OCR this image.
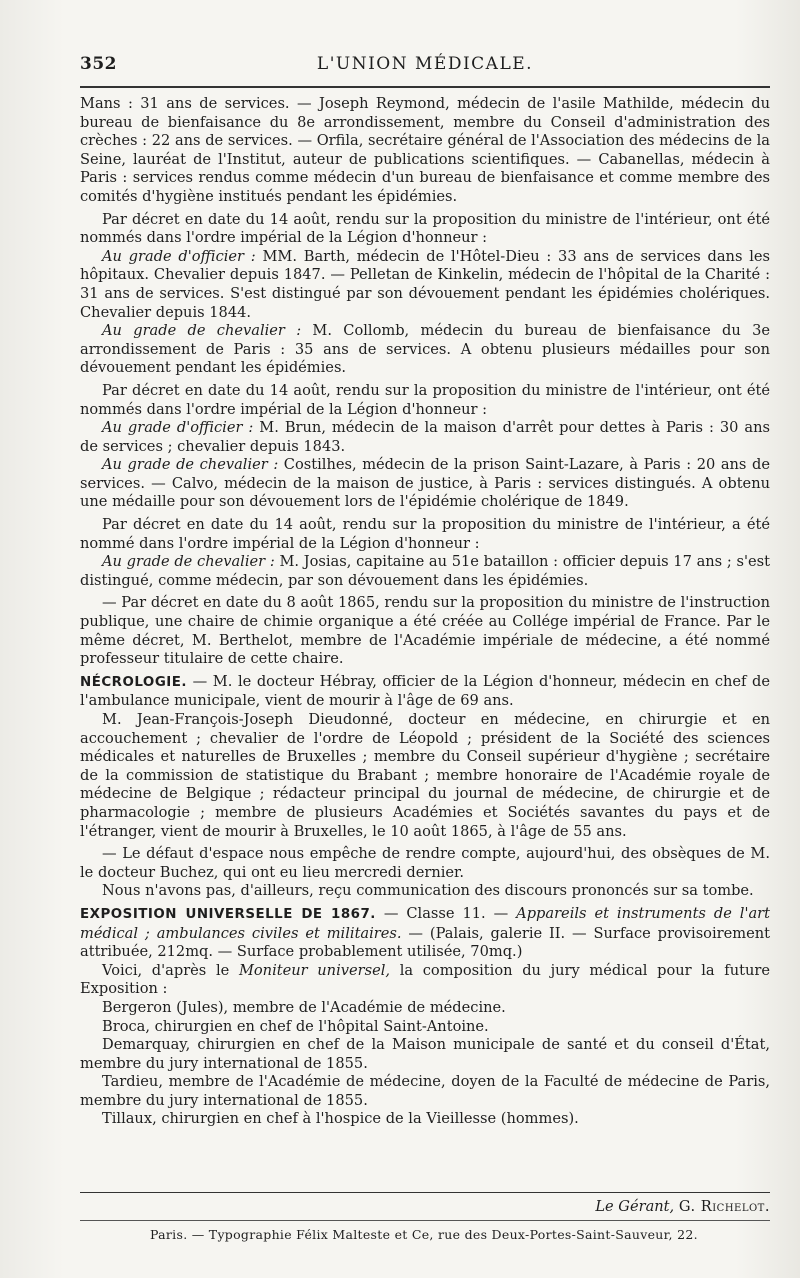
352	L'UNION MÉDICALE.

Mans : 31 ans de services. — Joseph Reymond, médecin de l'asile Mathilde, médecin du bureau de bienfaisance du 8e arrondissement, membre du Conseil d'administration des crèches : 22 ans de services. — Orfila, secrétaire général de l'Association des médecins de la Seine, lauréat de l'Institut, auteur de publications scientifiques. — Cabanellas, médecin à Paris : services rendus comme médecin d'un bureau de bienfaisance et comme membre des comités d'hygiène institués pendant les épidémies.

Par décret en date du 14 août, rendu sur la proposition du ministre de l'intérieur, ont été nommés dans l'ordre impérial de la Légion d'honneur :

Au grade d'officier : MM. Barth, médecin de l'Hôtel-Dieu : 33 ans de services dans les hôpitaux. Chevalier depuis 1847. — Pelletan de Kinkelin, médecin de l'hôpital de la Charité : 31 ans de services. S'est distingué par son dévouement pendant les épidémies cholériques. Chevalier depuis 1844.

Au grade de chevalier : M. Collomb, médecin du bureau de bienfaisance du 3e arrondissement de Paris : 35 ans de services. A obtenu plusieurs médailles pour son dévouement pendant les épidémies.

Par décret en date du 14 août, rendu sur la proposition du ministre de l'intérieur, ont été nommés dans l'ordre impérial de la Légion d'honneur :

Au grade d'officier : M. Brun, médecin de la maison d'arrêt pour dettes à Paris : 30 ans de services ; chevalier depuis 1843.

Au grade de chevalier : Costilhes, médecin de la prison Saint-Lazare, à Paris : 20 ans de services. — Calvo, médecin de la maison de justice, à Paris : services distingués. A obtenu une médaille pour son dévouement lors de l'épidémie cholérique de 1849.

Par décret en date du 14 août, rendu sur la proposition du ministre de l'intérieur, a été nommé dans l'ordre impérial de la Légion d'honneur :

Au grade de chevalier : M. Josias, capitaine au 51e bataillon : officier depuis 17 ans ; s'est distingué, comme médecin, par son dévouement dans les épidémies.

— Par décret en date du 8 août 1865, rendu sur la proposition du ministre de l'instruction publique, une chaire de chimie organique a été créée au Collége impérial de France. Par le même décret, M. Berthelot, membre de l'Académie impériale de médecine, a été nommé professeur titulaire de cette chaire.

NÉCROLOGIE. — M. le docteur Hébray, officier de la Légion d'honneur, médecin en chef de l'ambulance municipale, vient de mourir à l'âge de 69 ans.

M. Jean-François-Joseph Dieudonné, docteur en médecine, en chirurgie et en accouchement ; chevalier de l'ordre de Léopold ; président de la Société des sciences médicales et naturelles de Bruxelles ; membre du Conseil supérieur d'hygiène ; secrétaire de la commission de statistique du Brabant ; membre honoraire de l'Académie royale de médecine de Belgique ; rédacteur principal du journal de médecine, de chirurgie et de pharmacologie ; membre de plusieurs Académies et Sociétés savantes du pays et de l'étranger, vient de mourir à Bruxelles, le 10 août 1865, à l'âge de 55 ans.

— Le défaut d'espace nous empêche de rendre compte, aujourd'hui, des obsèques de M. le docteur Buchez, qui ont eu lieu mercredi dernier.

Nous n'avons pas, d'ailleurs, reçu communication des discours prononcés sur sa tombe.

EXPOSITION UNIVERSELLE DE 1867. — Classe 11. — Appareils et instruments de l'art médical ; ambulances civiles et militaires. — (Palais, galerie II. — Surface provisoirement attribuée, 212mq. — Surface probablement utilisée, 70mq.)

Voici, d'après le Moniteur universel, la composition du jury médical pour la future Exposition :

Bergeron (Jules), membre de l'Académie de médecine.

Broca, chirurgien en chef de l'hôpital Saint-Antoine.

Demarquay, chirurgien en chef de la Maison municipale de santé et du conseil d'État, membre du jury international de 1855.

Tardieu, membre de l'Académie de médecine, doyen de la Faculté de médecine de Paris, membre du jury international de 1855.

Tillaux, chirurgien en chef à l'hospice de la Vieillesse (hommes).

Le Gérant, G. Richelot.
Paris. — Typographie Félix Malteste et Ce, rue des Deux-Portes-Saint-Sauveur, 22.
